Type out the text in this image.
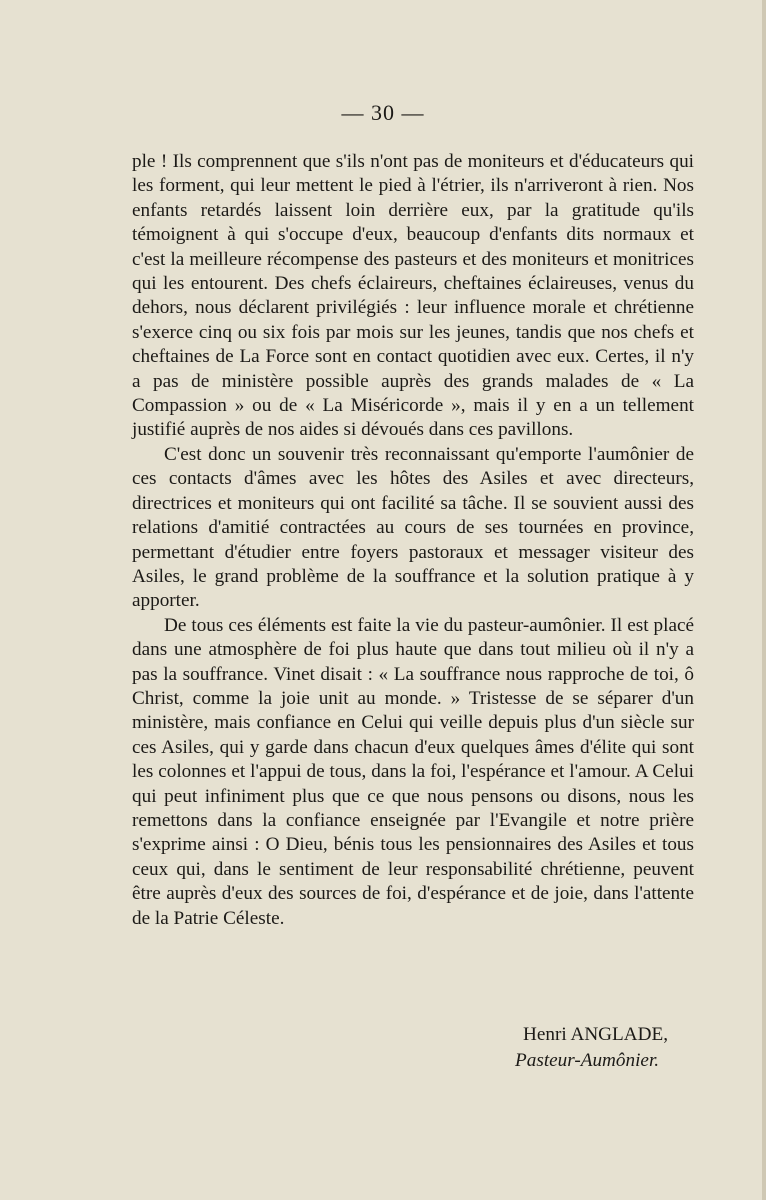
— 30 —

ple ! Ils comprennent que s'ils n'ont pas de moniteurs et d'éducateurs qui les forment, qui leur mettent le pied à l'étrier, ils n'arriveront à rien. Nos enfants retardés laissent loin derrière eux, par la gratitude qu'ils témoignent à qui s'occupe d'eux, beaucoup d'enfants dits normaux et c'est la meilleure récompense des pasteurs et des moniteurs et monitrices qui les entourent. Des chefs éclaireurs, cheftaines éclaireuses, venus du dehors, nous déclarent privilégiés : leur influence morale et chrétienne s'exerce cinq ou six fois par mois sur les jeunes, tandis que nos chefs et cheftaines de La Force sont en contact quotidien avec eux. Certes, il n'y a pas de ministère possible auprès des grands malades de « La Compassion » ou de « La Miséricorde », mais il y en a un tellement justifié auprès de nos aides si dévoués dans ces pavillons.

C'est donc un souvenir très reconnaissant qu'emporte l'aumônier de ces contacts d'âmes avec les hôtes des Asiles et avec directeurs, directrices et moniteurs qui ont facilité sa tâche. Il se souvient aussi des relations d'amitié contractées au cours de ses tournées en province, permettant d'étudier entre foyers pastoraux et messager visiteur des Asiles, le grand problème de la souffrance et la solution pratique à y apporter.

De tous ces éléments est faite la vie du pasteur-aumônier. Il est placé dans une atmosphère de foi plus haute que dans tout milieu où il n'y a pas la souffrance. Vinet disait : « La souffrance nous rapproche de toi, ô Christ, comme la joie unit au monde. » Tristesse de se séparer d'un ministère, mais confiance en Celui qui veille depuis plus d'un siècle sur ces Asiles, qui y garde dans chacun d'eux quelques âmes d'élite qui sont les colonnes et l'appui de tous, dans la foi, l'espérance et l'amour. A Celui qui peut infiniment plus que ce que nous pensons ou disons, nous les remettons dans la confiance enseignée par l'Evangile et notre prière s'exprime ainsi : O Dieu, bénis tous les pensionnaires des Asiles et tous ceux qui, dans le sentiment de leur responsabilité chrétienne, peuvent être auprès d'eux des sources de foi, d'espérance et de joie, dans l'attente de la Patrie Céleste.

Henri ANGLADE,
Pasteur-Aumônier.
